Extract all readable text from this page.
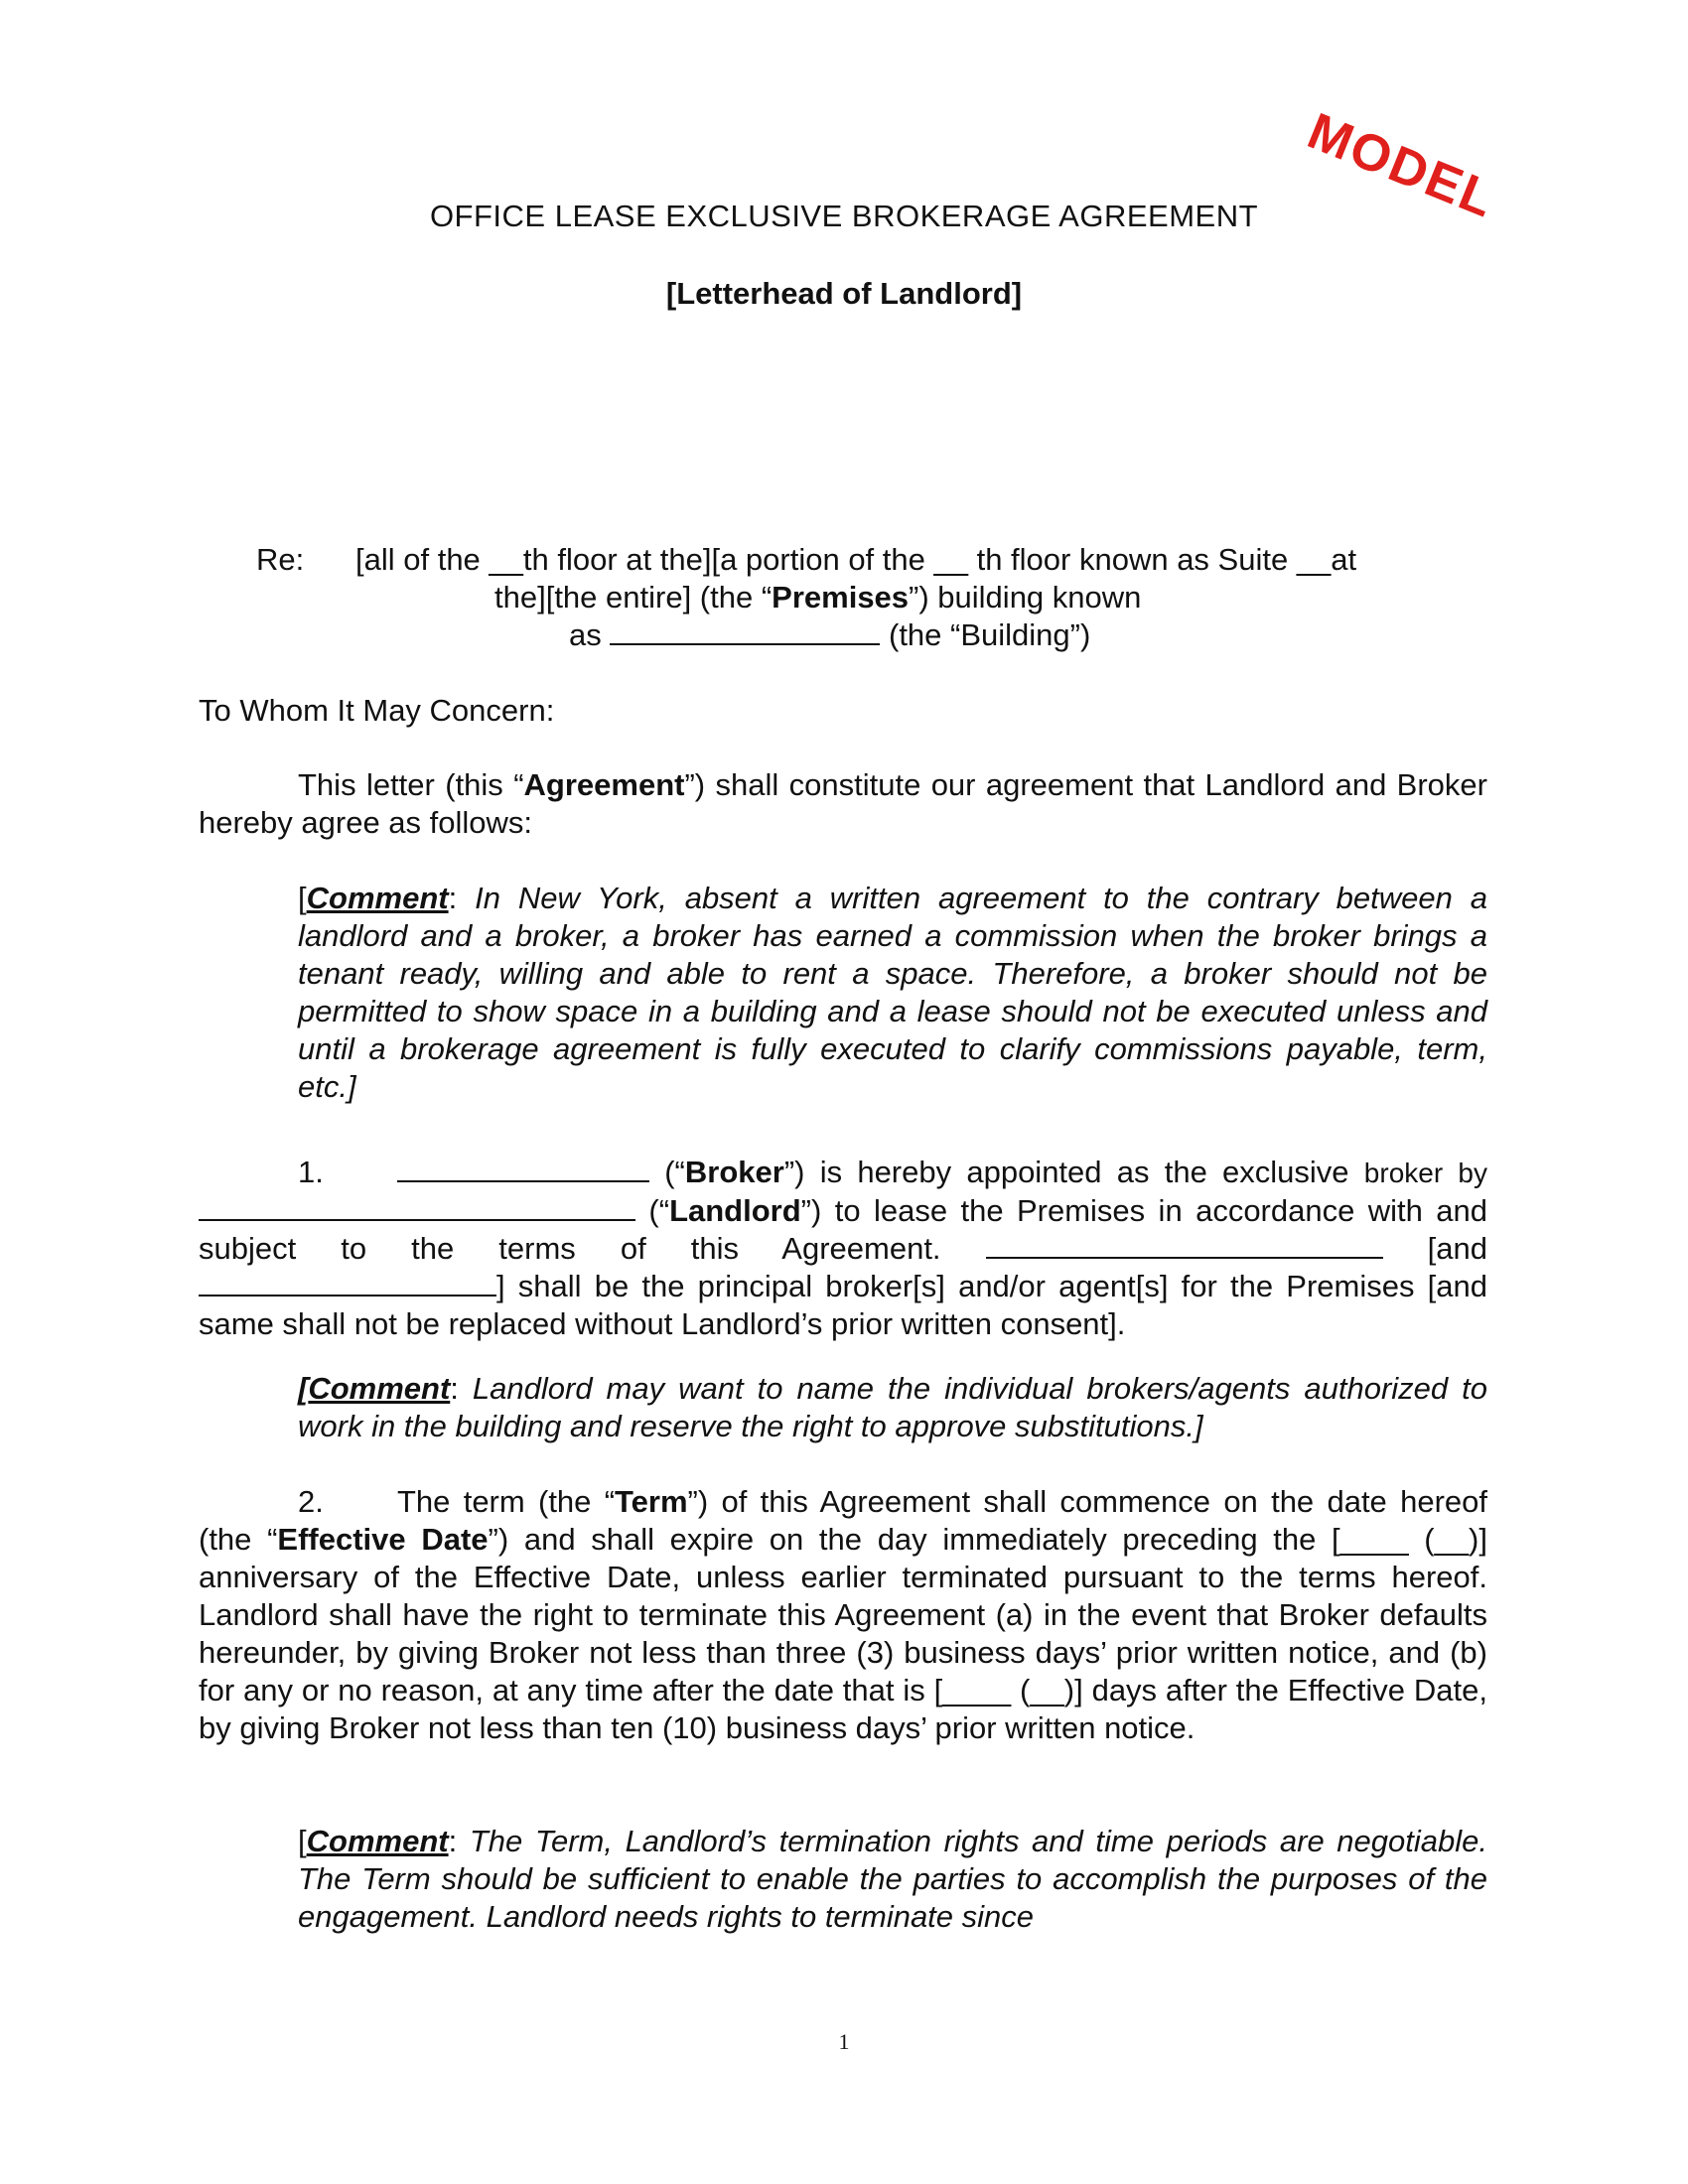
MODEL
OFFICE LEASE EXCLUSIVE BROKERAGE AGREEMENT
[Letterhead of Landlord]
Re: [all of the __th floor at the][a portion of the __ th floor known as Suite __at
the][the entire] (the “Premises”) building known
as	(the “Building”)
To Whom It May Concern:
This letter (this “Agreement”) shall constitute our agreement that Landlord and Broker hereby agree as follows:
[Comment: In New York, absent a written agreement to the contrary between a landlord and a broker, a broker has earned a commission when the broker brings a tenant ready, willing and able to rent a space. Therefore, a broker should not be permitted to show space in a building and a lease should not be executed unless and until a brokerage agreement is fully executed to clarify commissions payable, term, etc.]
1.	(“Broker”) is hereby appointed as the exclusive broker by  (“Landlord”) to lease the Premises in accordance with and subject to the terms of this Agreement.	[and ] shall be the principal broker[s] and/or agent[s] for the Premises [and same shall not be replaced without Landlord’s prior written consent].
[Comment: Landlord may want to name the individual brokers/agents authorized to work in the building and reserve the right to approve substitutions.]
2. The term (the “Term”) of this Agreement shall commence on the date hereof (the “Effective Date”) and shall expire on the day immediately preceding the [____ (__)] anniversary of the Effective Date, unless earlier terminated pursuant to the terms hereof. Landlord shall have the right to terminate this Agreement (a) in the event that Broker defaults hereunder, by giving Broker not less than three (3) business days’ prior written notice, and (b) for any or no reason, at any time after the date that is [____ (__)] days after the Effective Date, by giving Broker not less than ten (10) business days’ prior written notice.
[Comment: The Term, Landlord’s termination rights and time periods are negotiable. The Term should be sufficient to enable the parties to accomplish the purposes of the engagement. Landlord needs rights to terminate since
1
